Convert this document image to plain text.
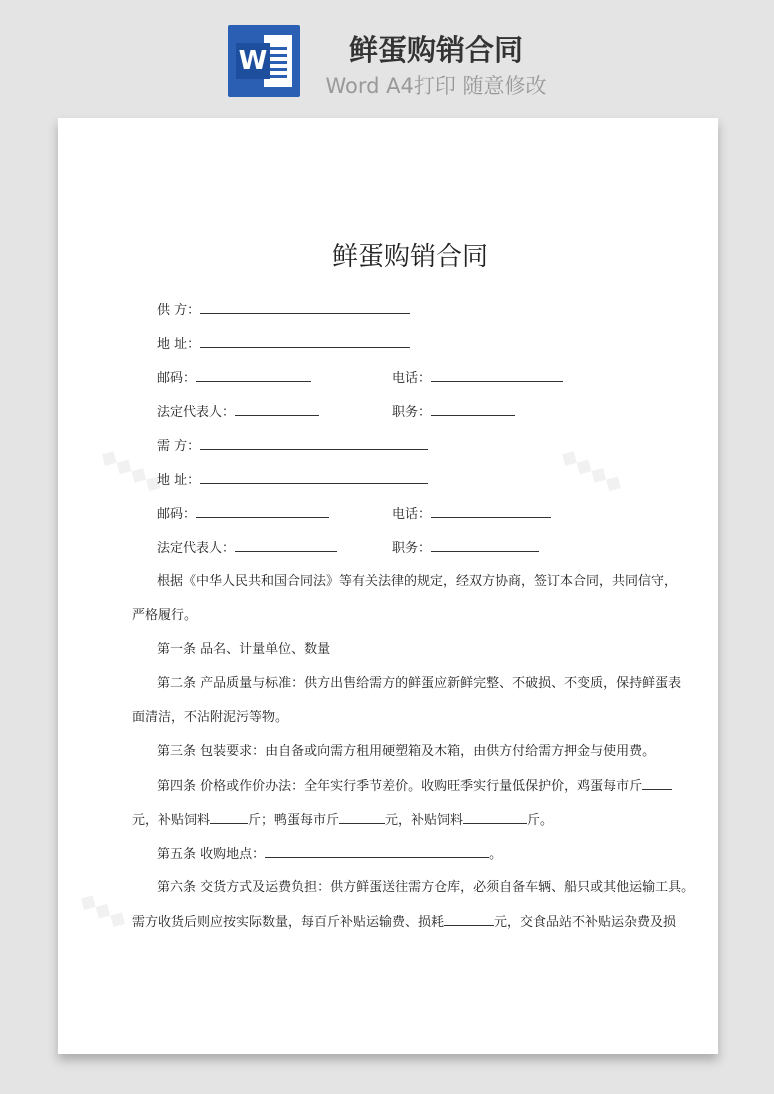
W	鲜蛋购销合同
Word A4打印 随意修改
◆◆◆◆	◆◆◆◆
◆◆◆
鲜蛋购销合同
供 方：
地 址：
邮码：	电话：
法定代表人：	职务：
需 方：
地 址：
邮码：	电话：
法定代表人：	职务：
根据《中华人民共和国合同法》等有关法律的规定，经双方协商，签订本合同，共同信守，
严格履行。
第一条 品名、计量单位、数量
第二条 产品质量与标准：供方出售给需方的鲜蛋应新鲜完整、不破损、不变质，保持鲜蛋表
面清洁，不沾附泥污等物。
第三条 包装要求：由自备或向需方租用硬塑箱及木箱，由供方付给需方押金与使用费。
第四条 价格或作价办法：全年实行季节差价。收购旺季实行量低保护价，鸡蛋每市斤
元，补贴饲料	斤；鸭蛋每市斤	元，补贴饲料	斤。
第五条 收购地点：	。
第六条 交货方式及运费负担：供方鲜蛋送往需方仓库，必须自备车辆、船只或其他运输工具。
需方收货后则应按实际数量，每百斤补贴运输费、损耗	元，交食品站不补贴运杂费及损
